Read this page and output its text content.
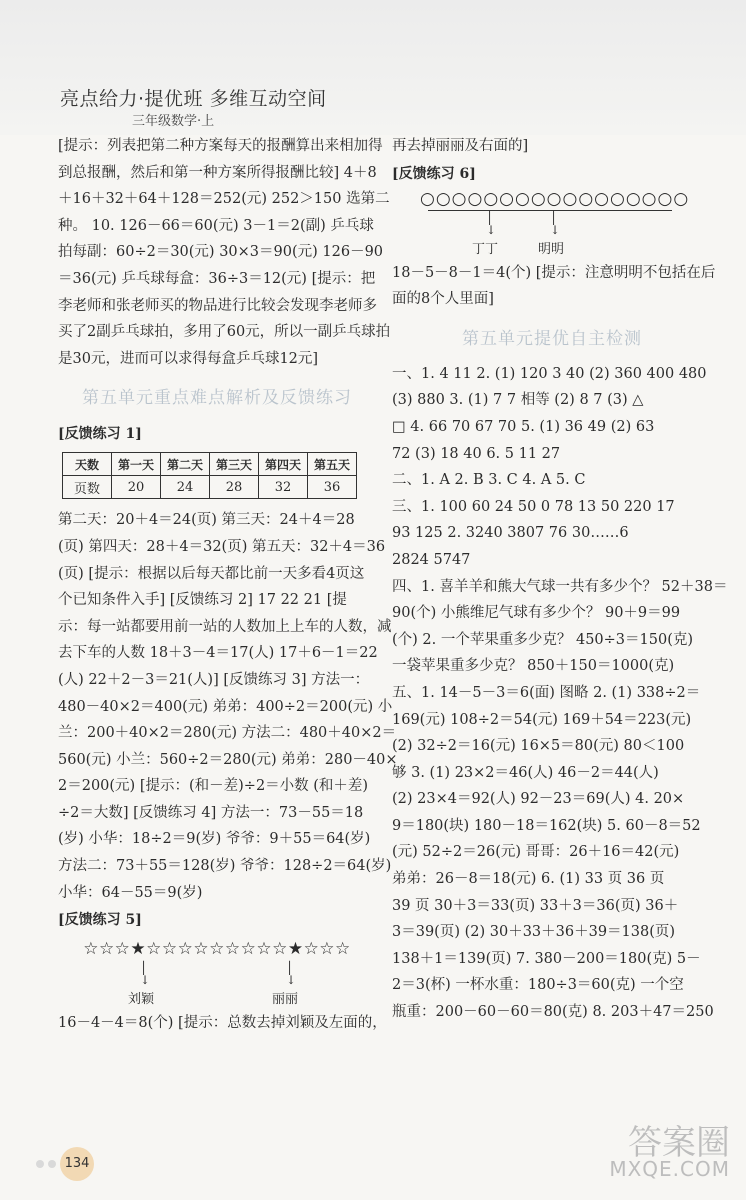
亮点给力·提优班 多维互动空间
三年级数学·上
[提示：列表把第二种方案每天的报酬算出来相加得
到总报酬，然后和第一种方案所得报酬比较] 4＋8
＋16＋32＋64＋128＝252(元) 252＞150 选第二
种。 10. 126－66＝60(元) 3－1＝2(副) 乒乓球
拍每副：60÷2＝30(元) 30×3＝90(元) 126－90
＝36(元) 乒乓球每盒：36÷3＝12(元) [提示：把
李老师和张老师买的物品进行比较会发现李老师多
买了2副乒乓球拍，多用了60元，所以一副乒乓球拍
是30元，进而可以求得每盒乒乓球12元]
第五单元重点难点解析及反馈练习
[反馈练习 1]
天数	第一天	第二天	第三天	第四天	第五天
页数	20	24	28	32	36
第二天：20＋4＝24(页) 第三天：24＋4＝28
(页) 第四天：28＋4＝32(页) 第五天：32＋4＝36
(页) [提示：根据以后每天都比前一天多看4页这
个已知条件入手] [反馈练习 2] 17 22 21 [提
示：每一站都要用前一站的人数加上上车的人数，减
去下车的人数 18＋3－4＝17(人) 17＋6－1＝22
(人) 22＋2－3＝21(人)] [反馈练习 3] 方法一：
480－40×2＝400(元) 弟弟：400÷2＝200(元) 小
兰：200＋40×2＝280(元) 方法二：480＋40×2＝
560(元) 小兰：560÷2＝280(元) 弟弟：280－40×
2＝200(元) [提示：(和－差)÷2＝小数 (和＋差)
÷2＝大数] [反馈练习 4] 方法一：73－55＝18
(岁) 小华：18÷2＝9(岁) 爷爷：9＋55＝64(岁)
方法二：73＋55＝128(岁) 爷爷：128÷2＝64(岁)
小华：64－55＝9(岁)
[反馈练习 5]
☆☆☆★☆☆☆☆☆☆☆☆☆★☆☆☆
│
↓
刘颖
│
↓
丽丽
16－4－4＝8(个) [提示：总数去掉刘颖及左面的，
再去掉丽丽及右面的]
[反馈练习 6]
○○○○○○○○○○○○○○○○○
│
↓
丁丁
│
↓
明明
18－5－8－1＝4(个) [提示：注意明明不包括在后
面的8个人里面]
第五单元提优自主检测
一、1. 4 11 2. (1) 120 3 40 (2) 360 400 480
(3) 880 3. (1) 7 7 相等 (2) 8 7 (3) △
□ 4. 66 70 67 70 5. (1) 36 49 (2) 63
72 (3) 18 40 6. 5 11 27
二、1. A 2. B 3. C 4. A 5. C
三、1. 100 60 24 50 0 78 13 50 220 17
93 125 2. 3240 3807 76 30……6
2824 5747
四、1. 喜羊羊和熊大气球一共有多少个？ 52＋38＝
90(个) 小熊维尼气球有多少个？ 90＋9＝99
(个) 2. 一个苹果重多少克？ 450÷3＝150(克)
一袋苹果重多少克？ 850＋150＝1000(克)
五、1. 14－5－3＝6(面) 图略 2. (1) 338÷2＝
169(元) 108÷2＝54(元) 169＋54＝223(元)
(2) 32÷2＝16(元) 16×5＝80(元) 80＜100
够 3. (1) 23×2＝46(人) 46－2＝44(人)
(2) 23×4＝92(人) 92－23＝69(人) 4. 20×
9＝180(块) 180－18＝162(块) 5. 60－8＝52
(元) 52÷2＝26(元) 哥哥：26＋16＝42(元)
弟弟：26－8＝18(元) 6. (1) 33 页 36 页
39 页 30＋3＝33(页) 33＋3＝36(页) 36＋
3＝39(页) (2) 30＋33＋36＋39＝138(页)
138＋1＝139(页) 7. 380－200＝180(克) 5－
2＝3(杯) 一杯水重：180÷3＝60(克) 一个空
瓶重：200－60－60＝80(克) 8. 203＋47＝250
134
答案圈
MXQE.COM
